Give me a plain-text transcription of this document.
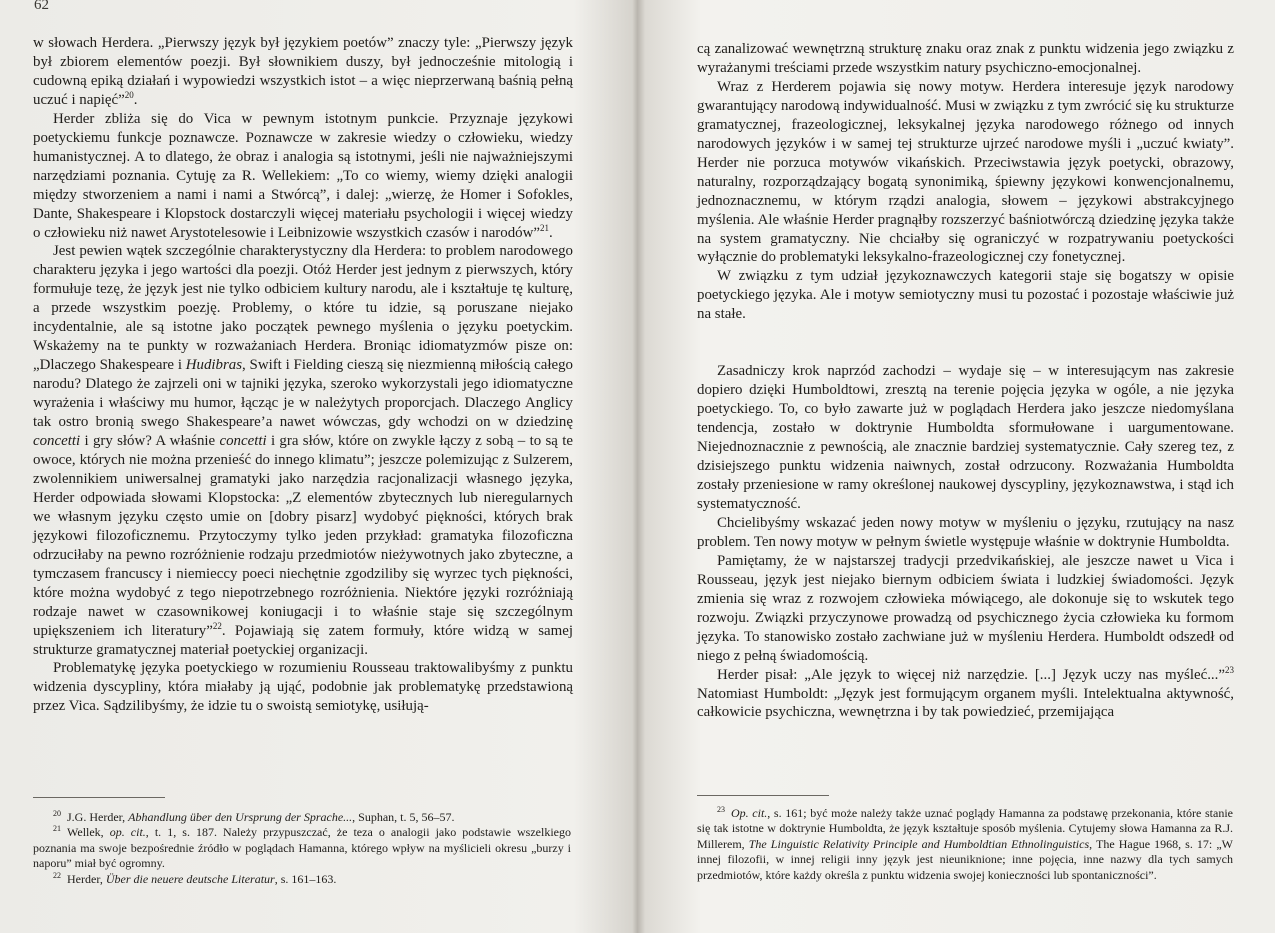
62

w słowach Herdera. „Pierwszy język był językiem poetów” znaczy tyle: „Pierwszy język był zbiorem elementów poezji. Był słownikiem duszy, był jednocześnie mitologią i cudowną epiką działań i wypowiedzi wszystkich istot – a więc nieprzerwaną baśnią pełną uczuć i napięć”$^{20}$.

Herder zbliża się do Vica w pewnym istotnym punkcie. Przyznaje językowi poetyckiemu funkcje poznawcze. Poznawcze w zakresie wiedzy o człowieku, wiedzy humanistycznej. A to dlatego, że obraz i analogia są istotnymi, jeśli nie najważniejszymi narzędziami poznania. Cytuję za R. Wellekiem: „To co wiemy, wiemy dzięki analogii między stworzeniem a nami i nami a Stwórcą”, i dalej: „wierzę, że Homer i Sofokles, Dante, Shakespeare i Klopstock dostarczyli więcej materiału psychologii i więcej wiedzy o człowieku niż nawet Arystotelesowie i Leibnizowie wszystkich czasów i narodów”$^{21}$.

Jest pewien wątek szczególnie charakterystyczny dla Herdera: to problem narodowego charakteru języka i jego wartości dla poezji. Otóż Herder jest jednym z pierwszych, który formułuje tezę, że język jest nie tylko odbiciem kultury narodu, ale i kształtuje tę kulturę, a przede wszystkim poezję. Problemy, o które tu idzie, są poruszane niejako incydentalnie, ale są istotne jako początek pewnego myślenia o języku poetyckim. Wskażemy na te punkty w rozważaniach Herdera. Broniąc idiomatyzmów pisze on: „Dlaczego Shakespeare i Hudibras, Swift i Fielding cieszą się niezmienną miłością całego narodu? Dlatego że zajrzeli oni w tajniki języka, szeroko wykorzystali jego idiomatyczne wyrażenia i właściwy mu humor, łącząc je w należytych proporcjach. Dlaczego Anglicy tak ostro bronią swego Shakespeare’a nawet wówczas, gdy wchodzi on w dziedzinę concetti i gry słów? A właśnie concetti i gra słów, które on zwykle łączy z sobą – to są te owoce, których nie można przenieść do innego klimatu”; jeszcze polemizując z Sulzerem, zwolennikiem uniwersalnej gramatyki jako narzędzia racjonalizacji własnego języka, Herder odpowiada słowami Klopstocka: „Z elementów zbytecznych lub nieregularnych we własnym języku często umie on [dobry pisarz] wydobyć piękności, których brak językowi filozoficznemu. Przytoczymy tylko jeden przykład: gramatyka filozoficzna odrzuciłaby na pewno rozróżnienie rodzaju przedmiotów nieżywotnych jako zbyteczne, a tymczasem francuscy i niemieccy poeci niechętnie zgodziliby się wyrzec tych piękności, które można wydobyć z tego niepotrzebnego rozróżnienia. Niektóre języki rozróżniają rodzaje nawet w czasownikowej koniugacji i to właśnie staje się szczególnym upiększeniem ich literatury”$^{22}$. Pojawiają się zatem formuły, które widzą w samej strukturze gramatycznej materiał poetyckiej organizacji.

Problematykę języka poetyckiego w rozumieniu Rousseau traktowalibyśmy z punktu widzenia dyscypliny, która miałaby ją ująć, podobnie jak problematykę przedstawioną przez Vica. Sądzilibyśmy, że idzie tu o swoistą semiotykę, usiłują-

$^{20}$ J.G. Herder, Abhandlung über den Ursprung der Sprache..., Suphan, t. 5, 56–57.

$^{21}$ Wellek, op. cit., t. 1, s. 187. Należy przypuszczać, że teza o analogii jako podstawie wszelkiego poznania ma swoje bezpośrednie źródło w poglądach Hamanna, którego wpływ na myślicieli okresu „burzy i naporu” miał być ogromny.

$^{22}$ Herder, Über die neuere deutsche Literatur, s. 161–163.

cą zanalizować wewnętrzną strukturę znaku oraz znak z punktu widzenia jego związku z wyrażanymi treściami przede wszystkim natury psychiczno-emocjonalnej.

Wraz z Herderem pojawia się nowy motyw. Herdera interesuje język narodowy gwarantujący narodową indywidualność. Musi w związku z tym zwrócić się ku strukturze gramatycznej, frazeologicznej, leksykalnej języka narodowego różnego od innych narodowych języków i w samej tej strukturze ujrzeć narodowe myśli i „uczuć kwiaty”. Herder nie porzuca motywów vikańskich. Przeciwstawia język poetycki, obrazowy, naturalny, rozporządzający bogatą synonimiką, śpiewny językowi konwencjonalnemu, jednoznacznemu, w którym rządzi analogia, słowem – językowi abstrakcyjnego myślenia. Ale właśnie Herder pragnąłby rozszerzyć baśniotwórczą dziedzinę języka także na system gramatyczny. Nie chciałby się ograniczyć w rozpatrywaniu poetyckości wyłącznie do problematyki leksykalno-frazeologicznej czy fonetycznej.

W związku z tym udział językoznawczych kategorii staje się bogatszy w opisie poetyckiego języka. Ale i motyw semiotyczny musi tu pozostać i pozostaje właściwie już na stałe.

Zasadniczy krok naprzód zachodzi – wydaje się – w interesującym nas zakresie dopiero dzięki Humboldtowi, zresztą na terenie pojęcia języka w ogóle, a nie języka poetyckiego. To, co było zawarte już w poglądach Herdera jako jeszcze niedomyślana tendencja, zostało w doktrynie Humboldta sformułowane i uargumentowane. Niejednoznacznie z pewnością, ale znacznie bardziej systematycznie. Cały szereg tez, z dzisiejszego punktu widzenia naiwnych, został odrzucony. Rozważania Humboldta zostały przeniesione w ramy określonej naukowej dyscypliny, językoznawstwa, i stąd ich systematyczność.

Chcielibyśmy wskazać jeden nowy motyw w myśleniu o języku, rzutujący na nasz problem. Ten nowy motyw w pełnym świetle występuje właśnie w doktrynie Humboldta.

Pamiętamy, że w najstarszej tradycji przedvikańskiej, ale jeszcze nawet u Vica i Rousseau, język jest niejako biernym odbiciem świata i ludzkiej świadomości. Język zmienia się wraz z rozwojem człowieka mówiącego, ale dokonuje się to wskutek tego rozwoju. Związki przyczynowe prowadzą od psychicznego życia człowieka ku formom języka. To stanowisko zostało zachwiane już w myśleniu Herdera. Humboldt odszedł od niego z pełną świadomością.

Herder pisał: „Ale język to więcej niż narzędzie. [...] Język uczy nas myśleć...”$^{23}$ Natomiast Humboldt: „Język jest formującym organem myśli. Intelektualna aktywność, całkowicie psychiczna, wewnętrzna i by tak powiedzieć, przemijająca

$^{23}$ Op. cit., s. 161; być może należy także uznać poglądy Hamanna za podstawę przekonania, które stanie się tak istotne w doktrynie Humboldta, że język kształtuje sposób myślenia. Cytujemy słowa Hamanna za R.J. Millerem, The Linguistic Relativity Principle and Humboldtian Ethnolinguistics, The Hague 1968, s. 17: „W innej filozofii, w innej religii inny język jest nieuniknione; inne pojęcia, inne nazwy dla tych samych przedmiotów, które każdy określa z punktu widzenia swojej konieczności lub spontaniczności”.
